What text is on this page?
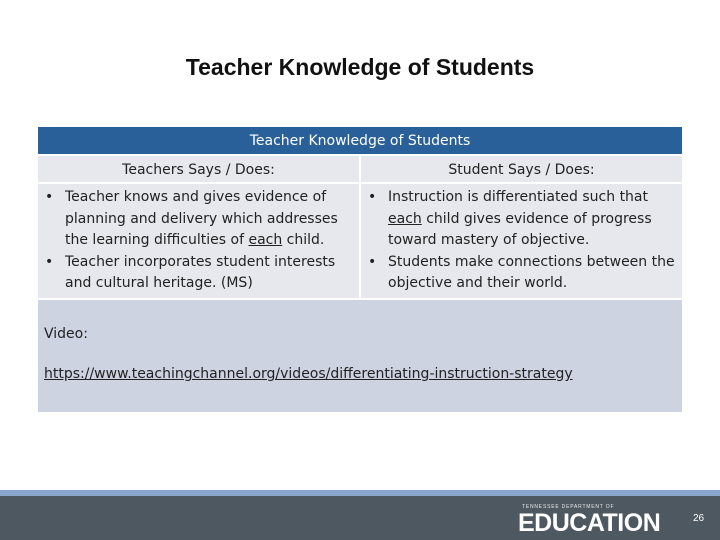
Teacher Knowledge of Students
Teacher Knowledge of Students
Teachers Says / Does:	Student Says / Does:
• Teacher knows and gives evidence of planning and delivery which addresses the learning difficulties of each child.
• Teacher incorporates student interests and cultural heritage. (MS)
• Instruction is differentiated such that each child gives evidence of progress toward mastery of objective.
• Students make connections between the objective and their world.
Video:
https://www.teachingchannel.org/videos/differentiating-instruction-strategy
TENNESSEE DEPARTMENT OF
EDUCATION	26
